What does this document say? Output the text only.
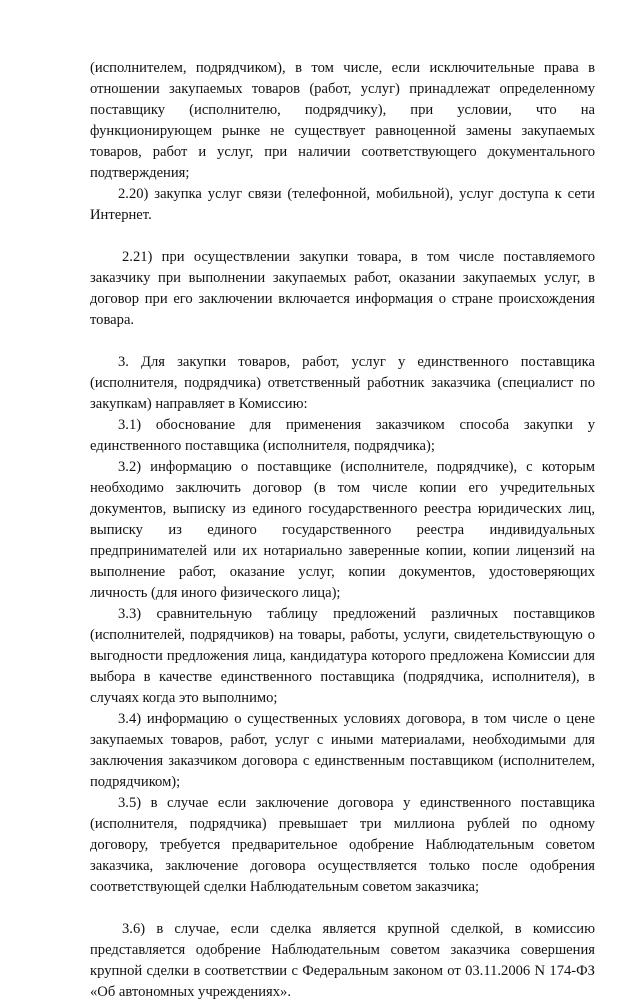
(исполнителем, подрядчиком), в том числе, если исключительные права в отношении закупаемых товаров (работ, услуг) принадлежат определенному поставщику (исполнителю, подрядчику), при условии, что на функционирующем рынке не существует равноценной замены закупаемых товаров, работ и услуг, при наличии соответствующего документального подтверждения;

2.20) закупка услуг связи (телефонной, мобильной), услуг доступа к сети Интернет.

2.21) при осуществлении закупки товара, в том числе поставляемого заказчику при выполнении закупаемых работ, оказании закупаемых услуг, в договор при его заключении включается информация о стране происхождения товара.

3. Для закупки товаров, работ, услуг у единственного поставщика (исполнителя, подрядчика) ответственный работник заказчика (специалист по закупкам) направляет в Комиссию:

3.1) обоснование для применения заказчиком способа закупки у единственного поставщика (исполнителя, подрядчика);

3.2) информацию о поставщике (исполнителе, подрядчике), с которым необходимо заключить договор (в том числе копии его учредительных документов, выписку из единого государственного реестра юридических лиц, выписку из единого государственного реестра индивидуальных предпринимателей или их нотариально заверенные копии, копии лицензий на выполнение работ, оказание услуг, копии документов, удостоверяющих личность (для иного физического лица);

3.3) сравнительную таблицу предложений различных поставщиков (исполнителей, подрядчиков) на товары, работы, услуги, свидетельствующую о выгодности предложения лица, кандидатура которого предложена Комиссии для выбора в качестве единственного поставщика (подрядчика, исполнителя), в случаях когда это выполнимо;

3.4) информацию о существенных условиях договора, в том числе о цене закупаемых товаров, работ, услуг с иными материалами, необходимыми для заключения заказчиком договора с единственным поставщиком (исполнителем, подрядчиком);

3.5) в случае если заключение договора у единственного поставщика (исполнителя, подрядчика) превышает три миллиона рублей по одному договору, требуется предварительное одобрение Наблюдательным советом заказчика, заключение договора осуществляется только после одобрения соответствующей сделки Наблюдательным советом заказчика;

3.6) в случае, если сделка является крупной сделкой, в комиссию представляется одобрение Наблюдательным советом заказчика совершения крупной сделки в соответствии с Федеральным законом от 03.11.2006 N 174-ФЗ «Об автономных учреждениях».
